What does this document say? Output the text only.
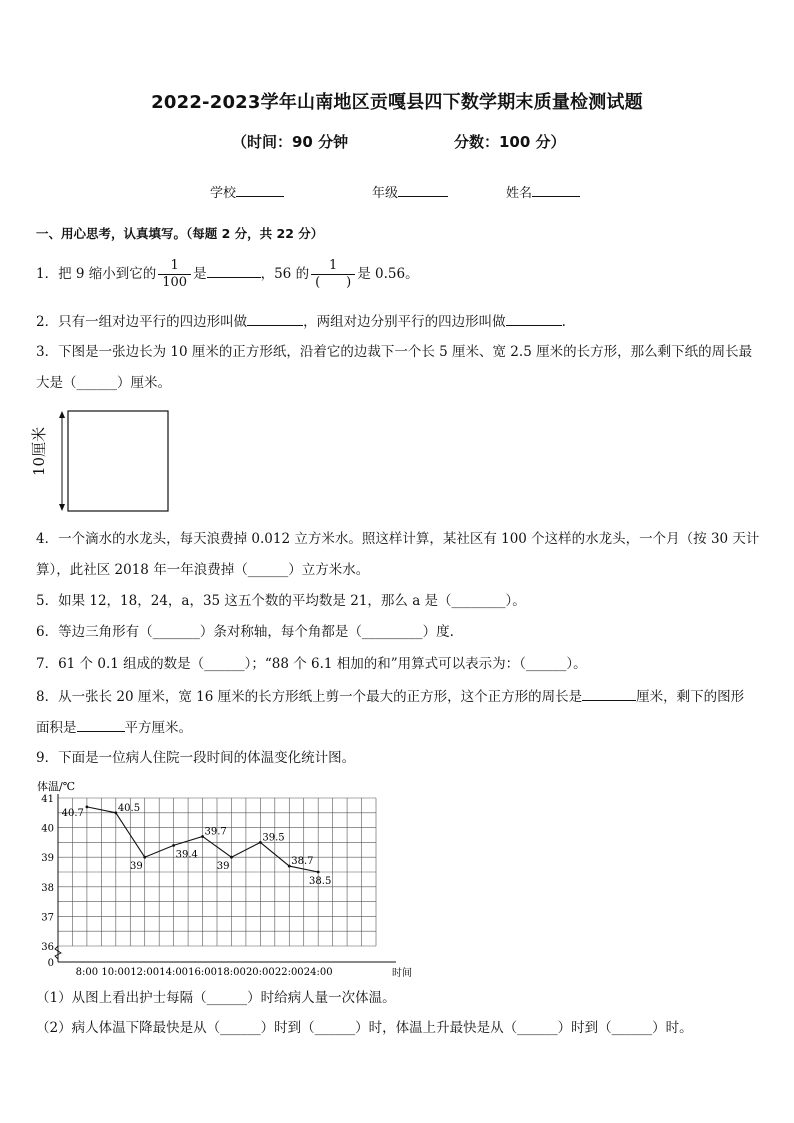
2022-2023学年山南地区贡嘎县四下数学期末质量检测试题
（时间：90 分钟	分数：100 分）
学校	年级	姓名
一、用心思考，认真填写。（每题 2 分，共 22 分）
1．把 9 缩小到它的 $\frac{1}{100}$ 是	，56 的 $\frac{1}{( )}$ 是 0.56。
2．只有一组对边平行的四边形叫做	，两组对边分别平行的四边形叫做	.
3．下图是一张边长为 10 厘米的正方形纸，沿着它的边裁下一个长 5 厘米、宽 2.5 厘米的长方形，那么剩下纸的周长最
大是（______）厘米。
10厘米
4．一个滴水的水龙头，每天浪费掉 0.012 立方米水。照这样计算，某社区有 100 个这样的水龙头，一个月（按 30 天计
算），此社区 2018 年一年浪费掉（______）立方米水。
5．如果 12，18，24，a，35 这五个数的平均数是 21，那么 a 是（________）。
6．等边三角形有（_______）条对称轴，每个角都是（_________）度.
7．61 个 0.1 组成的数是（______）；“88 个 6.1 相加的和”用算式可以表示为：（______）。
8．从一张长 20 厘米，宽 16 厘米的长方形纸上剪一个最大的正方形，这个正方形的周长是	厘米，剩下的图形
面积是	平方厘米。
9．下面是一位病人住院一段时间的体温变化统计图。
体温/℃
时间
36
37
38
39
40
41
0
8:00 10:00 12:00 14:00 16:00 18:00 20:00 22:00 24:00
40.7	40.5
39
39.4
39.7
39
39.5
38.7
38.5
（1）从图上看出护士每隔（______）时给病人量一次体温。
（2）病人体温下降最快是从（______）时到（______）时，体温上升最快是从（______）时到（______）时。
